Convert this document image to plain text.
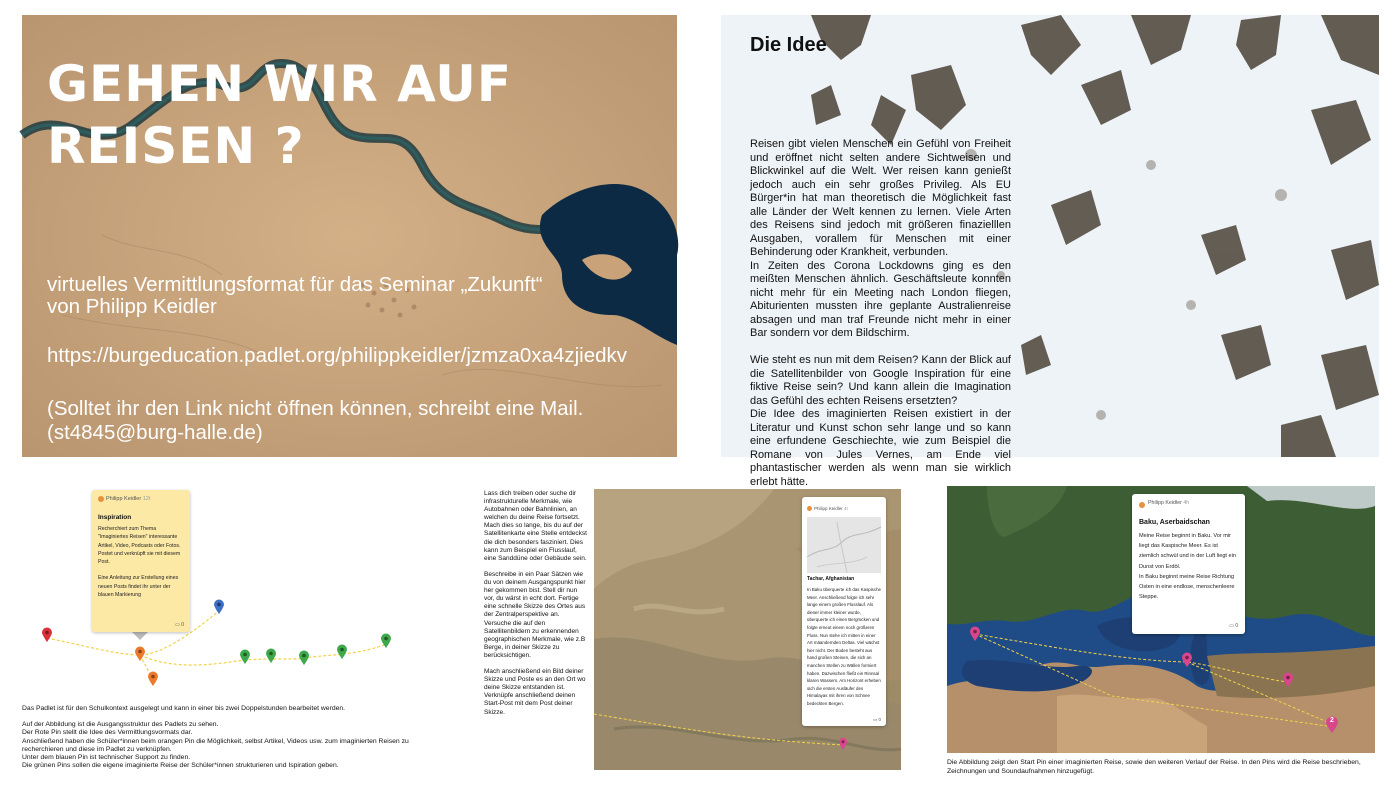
GEHEN WIR AUF
REISEN ?
virtuelles Vermittlungsformat für das Seminar „Zukunft“
von Philipp Keidler
https://burgeducation.padlet.org/philippkeidler/jzmza0xa4zjiedkv
(Solltet ihr den Link nicht öffnen können, schreibt eine Mail.
(st4845@burg-halle.de)
Die Idee

Reisen gibt vielen Menschen ein Gefühl von Freiheit und eröffnet nicht selten andere Sichtweisen und Blickwinkel auf die Welt. Wer reisen kann genießt jedoch auch ein sehr großes Privileg. Als EU Bürger*in hat man theoretisch die Möglichkeit fast alle Länder der Welt kennen zu lernen. Viele Arten des Reisens sind jedoch mit größeren finazielllen Ausgaben, vorallem für Menschen mit einer Behinderung oder Krankheit, verbunden.

In Zeiten des Corona Lockdowns ging es den meißten Menschen ähnlich. Geschäftsleute konnten nicht mehr für ein Meeting nach London fliegen, Abiturienten mussten ihre geplante Australienreise absagen und man traf Freunde nicht mehr in einer Bar sondern vor dem Bildschirm.

Wie steht es nun mit dem Reisen? Kann der Blick auf die Satellitenbilder von Google Inspiration für eine fiktive Reise sein? Und kann allein die Imagination das Gefühl des echten Reisens ersetzten?

Die Idee des imaginierten Reisen existiert in der Literatur und Kunst schon sehr lange und so kann eine erfundene Geschiechte, wie zum Beispiel die Romane von Jules Vernes, am Ende viel phantastischer werden als wenn man sie wirklich erlebt hätte.

Philipp Keidler 12t
Inspiration
Recherchiert zum Thema "Imaginiertes Reisen" interessante Artikel, Video, Podcasts oder Fotos. Postet und verknüpft sie mit diesem Post.
Eine Anleitung zur Erstellung eines neuen Posts findet ihr unter der blauen Markierung
▭ 0
Das Padlet ist für den Schulkontext ausgelegt und kann in einer bis zwei Doppelstunden bearbeitet werden.
Auf der Abbildung ist die Ausgangsstruktur des Padlets zu sehen.
Der Rote Pin stellt die Idee des Vermittlungsvormats dar.
Anschließend haben die Schüler*innen beim orangen Pin die Möglichkeit, selbst Artikel, Videos usw. zum imaginierten Reisen zu recherchieren und diese im Padlet zu verknüpfen.
Unter dem blauen Pin ist technischer Support zu finden.
Die grünen Pins sollen die eigene imaginierte Reise der Schüler*innen strukturieren und Ispiration geben.

Lass dich treiben oder suche dir infrastrukturelle Merkmale, wie Autobahnen oder Bahnlinien, an welchen du deine Reise fortsetzt. Mach dies so lange, bis du auf der Satellitenkarte eine Stelle entdeckst die dich besonders fasziniert. Dies kann zum Beispiel ein Flusslauf, eine Sanddüne oder Gebäude sein.

Beschreibe in ein Paar Sätzen wie du von deinem Ausgangspunkt hier her gekommen bist. Stell dir nun vor, du wärst in echt dort. Fertige eine schnelle Skizze des Ortes aus der Zentralperspektive an. Versuche die auf den Satellitenbildern zu erkennenden geographischen Merkmale, wie z.B Berge, in deiner Skizze zu berücksichtigen.

Mach anschließend ein Bild deiner Skizze und Poste es an den Ort wo deine Skizze entstanden ist. Verknüpfe anschließend deinen Start-Post mit dem Post deiner Skizze.

Philipp Keidler 4t
Tachar, Afghanistan
In Baku überquerte ich das Kaspische Meer. Anschließend folgte ich sehr lange einem großen Flusslauf. Als dieser immer kleiner wurde, überquerte ich einen Bergrücken und folgte erneut einem noch größeren Fluss. Nun stehe ich mitten in einer Art mäandernden Deltas. Viel wächst hier nicht. Der Boden besteht aus hand großen Steinen, die sich an manchen Stellen zu Wällen formiert haben. Dazwischen fließt ein Rinnsal klaren Wassers. Am Horizont erheben sich die ersten Ausläufer des Himalayas mit ihren von Schnee bedeckten Bergen.
▭ 0	2
Philipp Keidler 4h
Baku, Aserbaidschan
Meine Reise beginnt in Baku. Vor mir liegt das Kaspische Meer. Es ist ziemlich schwül und in der Luft liegt ein Dunst von Erdöl.
In Baku beginnt meine Reise Richtung Osten in eine endlose, menschenleere Steppe.
▭ 0
Die Abbildung zeigt den Start Pin einer imaginierten Reise, sowie den weiteren Verlauf der Reise. In den Pins wird die Reise beschrieben, Zeichnungen und Soundaufnahmen hinzugefügt.
